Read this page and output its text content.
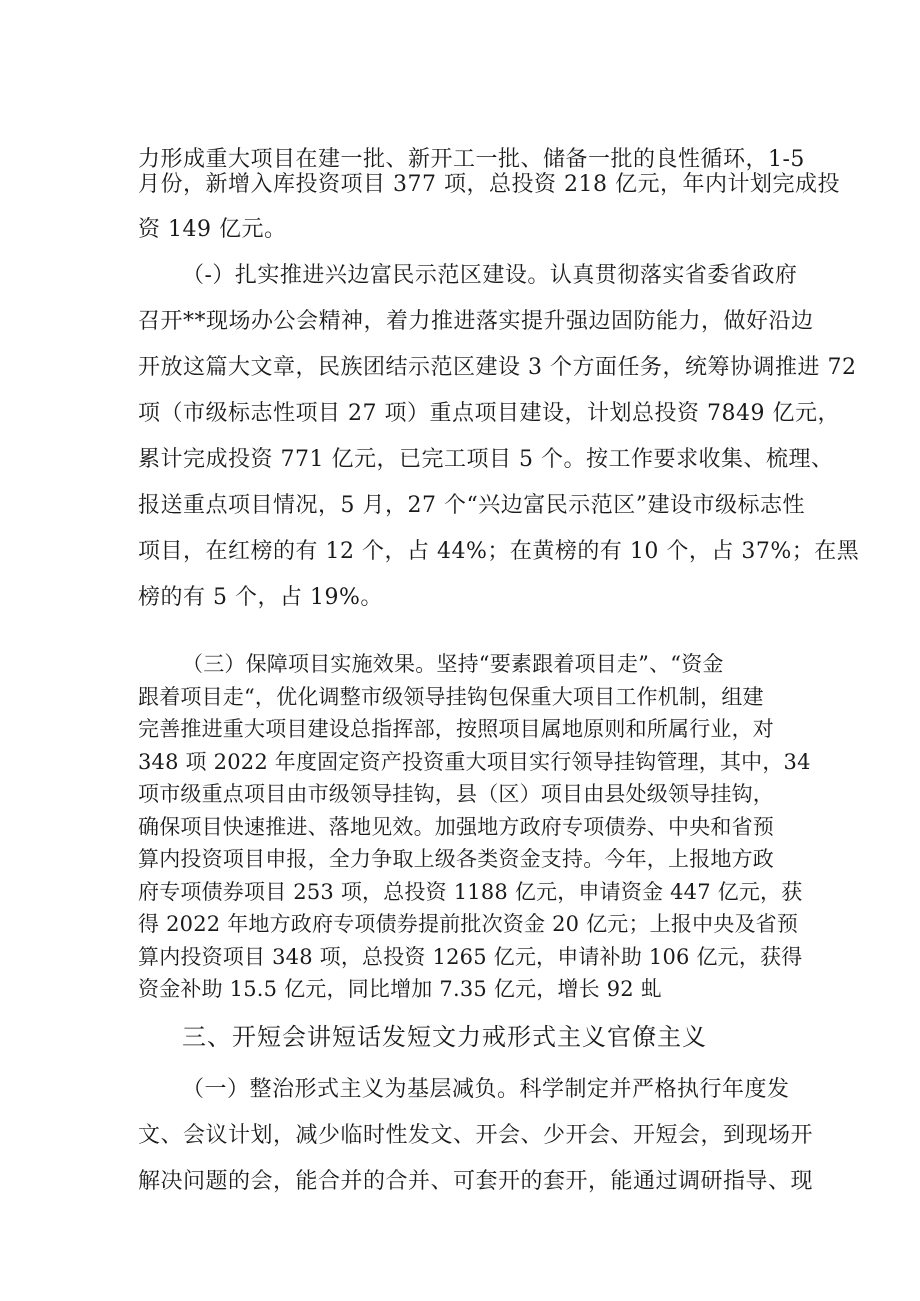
力形成重大项目在建一批、新开工一批、储备一批的良性循环，1-5
月份，新增入库投资项目 377 项，总投资 218 亿元，年内计划完成投
资 149 亿元。
（-）扎实推进兴边富民示范区建设。认真贯彻落实省委省政府
召开**现场办公会精神，着力推进落实提升强边固防能力，做好沿边
开放这篇大文章，民族团结示范区建设 3 个方面任务，统筹协调推进 72
项（市级标志性项目 27 项）重点项目建设，计划总投资 7849 亿元，
累计完成投资 771 亿元，已完工项目 5 个。按工作要求收集、梳理、
报送重点项目情况，5 月，27 个“兴边富民示范区”建设市级标志性
项目，在红榜的有 12 个，占 44%；在黄榜的有 10 个，占 37%；在黑
榜的有 5 个，占 19%。
（三）保障项目实施效果。坚持“要素跟着项目走”、“资金
跟着项目走“，优化调整市级领导挂钩包保重大项目工作机制，组建
完善推进重大项目建设总指挥部，按照项目属地原则和所属行业，对
348 项 2022 年度固定资产投资重大项目实行领导挂钩管理，其中，34
项市级重点项目由市级领导挂钩，县（区）项目由县处级领导挂钩，
确保项目快速推进、落地见效。加强地方政府专项债券、中央和省预
算内投资项目申报，全力争取上级各类资金支持。今年，上报地方政
府专项债券项目 253 项，总投资 1188 亿元，申请资金 447 亿元，获
得 2022 年地方政府专项债券提前批次资金 20 亿元；上报中央及省预
算内投资项目 348 项，总投资 1265 亿元，申请补助 106 亿元，获得
资金补助 15.5 亿元，同比增加 7.35 亿元，增长 92 虬
三、开短会讲短话发短文力戒形式主义官僚主义
（一）整治形式主义为基层减负。科学制定并严格执行年度发
文、会议计划，减少临时性发文、开会、少开会、开短会，到现场开
解决问题的会，能合并的合并、可套开的套开，能通过调研指导、现
